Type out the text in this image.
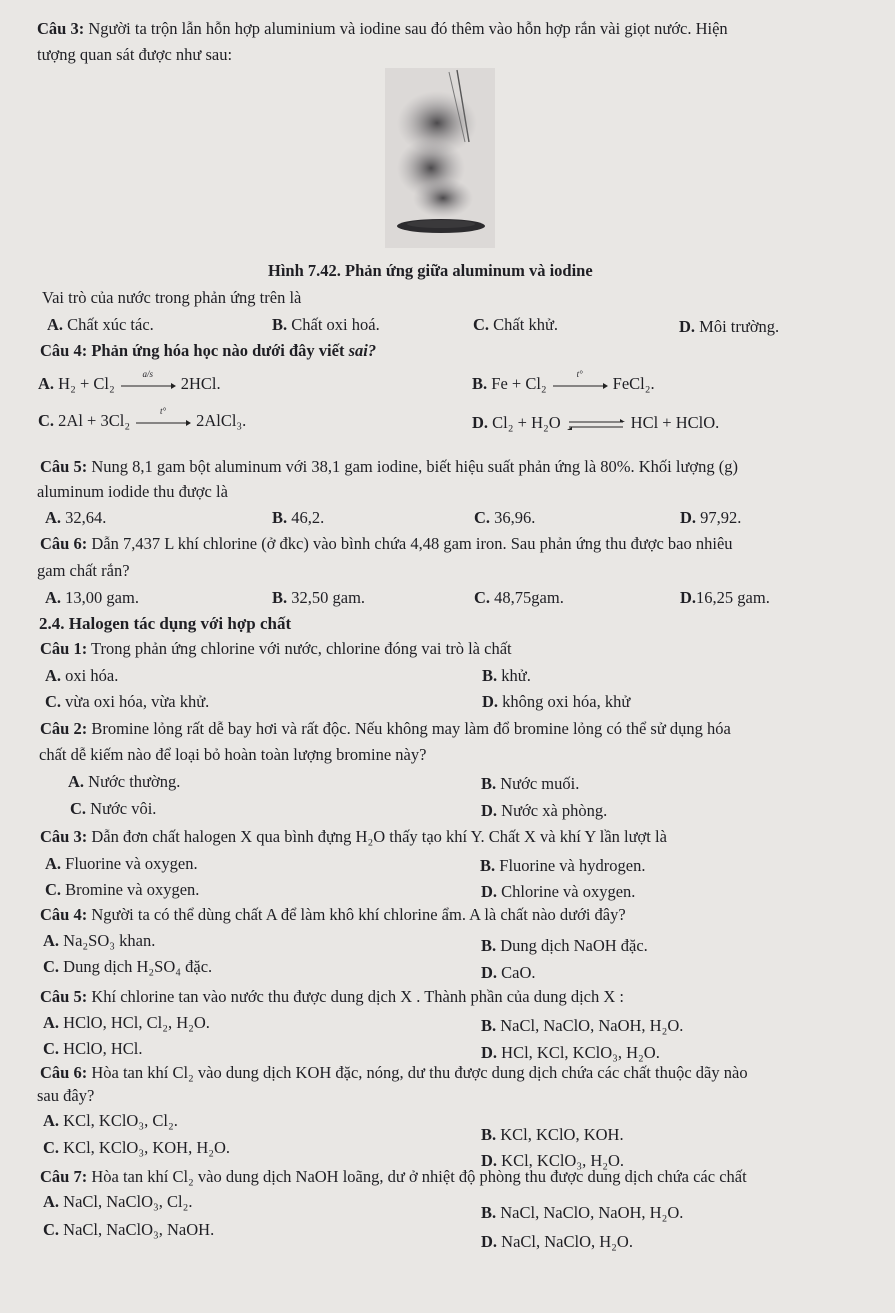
Câu 3: Người ta trộn lẫn hỗn hợp aluminium và iodine sau đó thêm vào hỗn hợp rắn vài giọt nước. Hiện
tượng quan sát được như sau:
Hình 7.42. Phản ứng giữa aluminum và iodine
Vai trò của nước trong phản ứng trên là
A. Chất xúc tác.	B. Chất oxi hoá.	C. Chất khử.	D. Môi trường.
Câu 4: Phản ứng hóa học nào dưới đây viết sai?
A. H₂ + Cl₂	a/s	2HCl.	B. Fe + Cl₂	t°	FeCl₂.
C. 2Al + 3Cl₂	t°	2AlCl₃.	D. Cl₂ + H₂O	HCl + HClO.
Câu 5: Nung 8,1 gam bột aluminum với 38,1 gam iodine, biết hiệu suất phản ứng là 80%. Khối lượng (g)
aluminum iodide thu được là
A. 32,64.	B. 46,2.	C. 36,96.	D. 97,92.
Câu 6: Dẫn 7,437 L khí chlorine (ở đkc) vào bình chứa 4,48 gam iron. Sau phản ứng thu được bao nhiêu
gam chất rắn?
A. 13,00 gam.	B. 32,50 gam.	C. 48,75gam.	D.16,25 gam.
2.4. Halogen tác dụng với hợp chất
Câu 1: Trong phản ứng chlorine với nước, chlorine đóng vai trò là chất
A. oxi hóa.	B. khử.
C. vừa oxi hóa, vừa khử.	D. không oxi hóa, khử
Câu 2: Bromine lỏng rất dễ bay hơi và rất độc. Nếu không may làm đổ bromine lỏng có thể sử dụng hóa
chất dễ kiếm nào để loại bỏ hoàn toàn lượng bromine này?
A. Nước thường.	B. Nước muối.
C. Nước vôi.	D. Nước xà phòng.
Câu 3: Dẫn đơn chất halogen X qua bình đựng H₂O thấy tạo khí Y. Chất X và khí Y lần lượt là
A. Fluorine và oxygen.	B. Fluorine và hydrogen.
C. Bromine và oxygen.	D. Chlorine và oxygen.
Câu 4: Người ta có thể dùng chất A để làm khô khí chlorine ẩm. A là chất nào dưới đây?
A. Na₂SO₃ khan.	B. Dung dịch NaOH đặc.
C. Dung dịch H₂SO₄ đặc.	D. CaO.
Câu 5: Khí chlorine tan vào nước thu được dung dịch X . Thành phần của dung dịch X :
A. HClO, HCl, Cl₂, H₂O.	B. NaCl, NaClO, NaOH, H₂O.
C. HClO, HCl.	D. HCl, KCl, KClO₃, H₂O.
Câu 6: Hòa tan khí Cl₂ vào dung dịch KOH đặc, nóng, dư thu được dung dịch chứa các chất thuộc dãy nào
sau đây?
A. KCl, KClO₃, Cl₂.
B. KCl, KClO, KOH.
C. KCl, KClO₃, KOH, H₂O.
D. KCl, KClO₃, H₂O.
Câu 7: Hòa tan khí Cl₂ vào dung dịch NaOH loãng, dư ở nhiệt độ phòng thu được dung dịch chứa các chất
A. NaCl, NaClO₃, Cl₂.
B. NaCl, NaClO, NaOH, H₂O.
C. NaCl, NaClO₃, NaOH.
D. NaCl, NaClO, H₂O.
